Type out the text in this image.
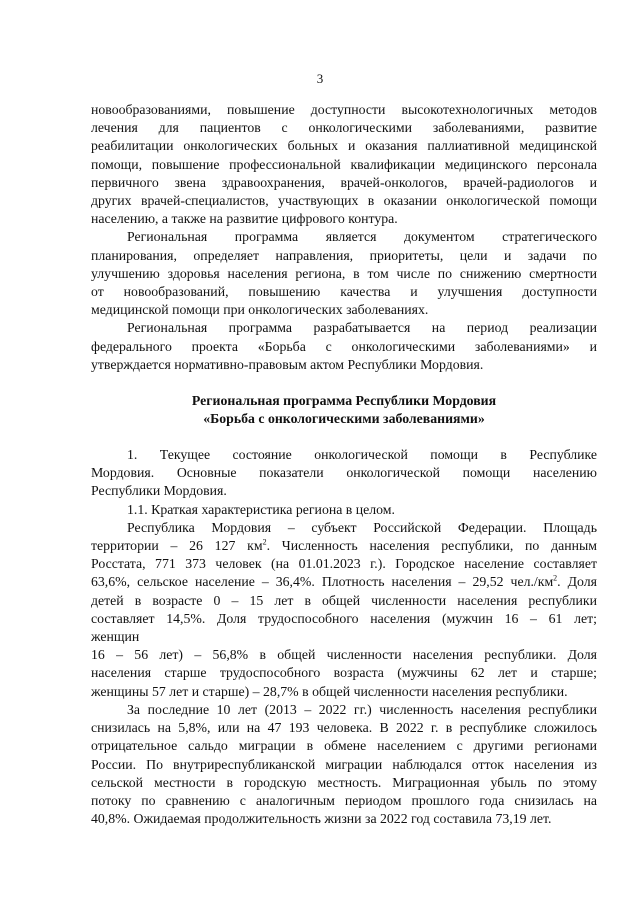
3

новообразованиями, повышение доступности высокотехнологичных методов
лечения для пациентов с онкологическими заболеваниями, развитие
реабилитации онкологических больных и оказания паллиативной медицинской
помощи, повышение профессиональной квалификации медицинского персонала
первичного звена здравоохранения, врачей-онкологов, врачей-радиологов и
других врачей-специалистов, участвующих в оказании онкологической помощи
населению, а также на развитие цифрового контура.

Региональная программа является документом стратегического
планирования, определяет направления, приоритеты, цели и задачи по
улучшению здоровья населения региона, в том числе по снижению смертности
от новообразований, повышению качества и улучшения доступности
медицинской помощи при онкологических заболеваниях.

Региональная программа разрабатывается на период реализации
федерального проекта «Борьба с онкологическими заболеваниями» и
утверждается нормативно-правовым актом Республики Мордовия.

Региональная программа Республики Мордовия
«Борьба с онкологическими заболеваниями»

1. Текущее состояние онкологической помощи в Республике
Мордовия. Основные показатели онкологической помощи населению
Республики Мордовия.

1.1. Краткая характеристика региона в целом.

Республика Мордовия – субъект Российской Федерации. Площадь
территории – 26 127 $км^2$. Численность населения республики, по данным
Росстата, 771 373 человек (на 01.01.2023 г.). Городское население составляет
63,6%, сельское население – 36,4%. Плотность населения – 29,52 $чел./км^2$. Доля
детей в возрасте 0 – 15 лет в общей численности населения республики
составляет 14,5%. Доля трудоспособного населения (мужчин 16 – 61 лет;
женщин
16 – 56 лет) – 56,8% в общей численности населения республики. Доля
населения старше трудоспособного возраста (мужчины 62 лет и старше;
женщины 57 лет и старше) – 28,7% в общей численности населения республики.

За последние 10 лет (2013 – 2022 гг.) численность населения республики
снизилась на 5,8%, или на 47 193 человека. В 2022 г. в республике сложилось
отрицательное сальдо миграции в обмене населением с другими регионами
России. По внутриреспубликанской миграции наблюдался отток населения из
сельской местности в городскую местность. Миграционная убыль по этому
потоку по сравнению с аналогичным периодом прошлого года снизилась на
40,8%. Ожидаемая продолжительность жизни за 2022 год составила 73,19 лет.
